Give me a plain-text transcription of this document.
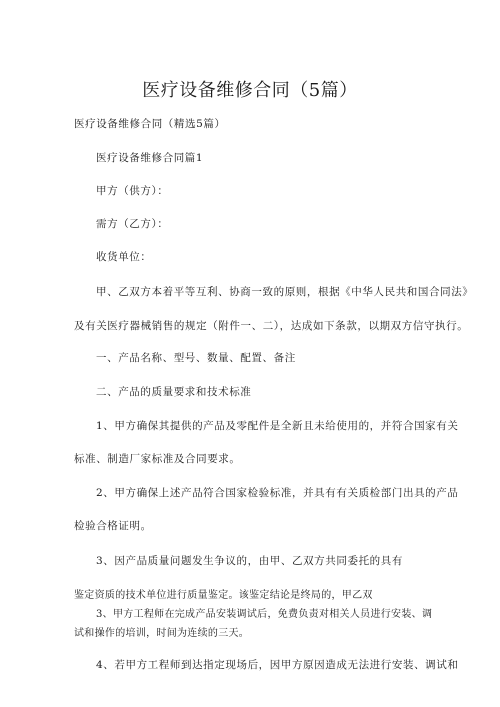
医疗设备维修合同（5篇）
医疗设备维修合同（精选5篇）
医疗设备维修合同篇1
甲方（供方）：
需方（乙方）：
收货单位：
甲、乙双方本着平等互利、协商一致的原则，根据《中华人民共和国合同法》
及有关医疗器械销售的规定（附件一、二），达成如下条款，以期双方信守执行。
一、产品名称、型号、数量、配置、备注
二、产品的质量要求和技术标准
1、甲方确保其提供的产品及零配件是全新且未给使用的，并符合国家有关
标准、制造厂家标准及合同要求。
2、甲方确保上述产品符合国家检验标准，并具有有关质检部门出具的产品
检验合格证明。
3、因产品质量问题发生争议的，由甲、乙双方共同委托的具有
鉴定资质的技术单位进行质量鉴定。该鉴定结论是终局的，甲乙双
3、甲方工程师在完成产品安装调试后，免费负责对相关人员进行安装、调
试和操作的培训，时间为连续的三天。
4、若甲方工程师到达指定现场后，因甲方原因造成无法进行安装、调试和
